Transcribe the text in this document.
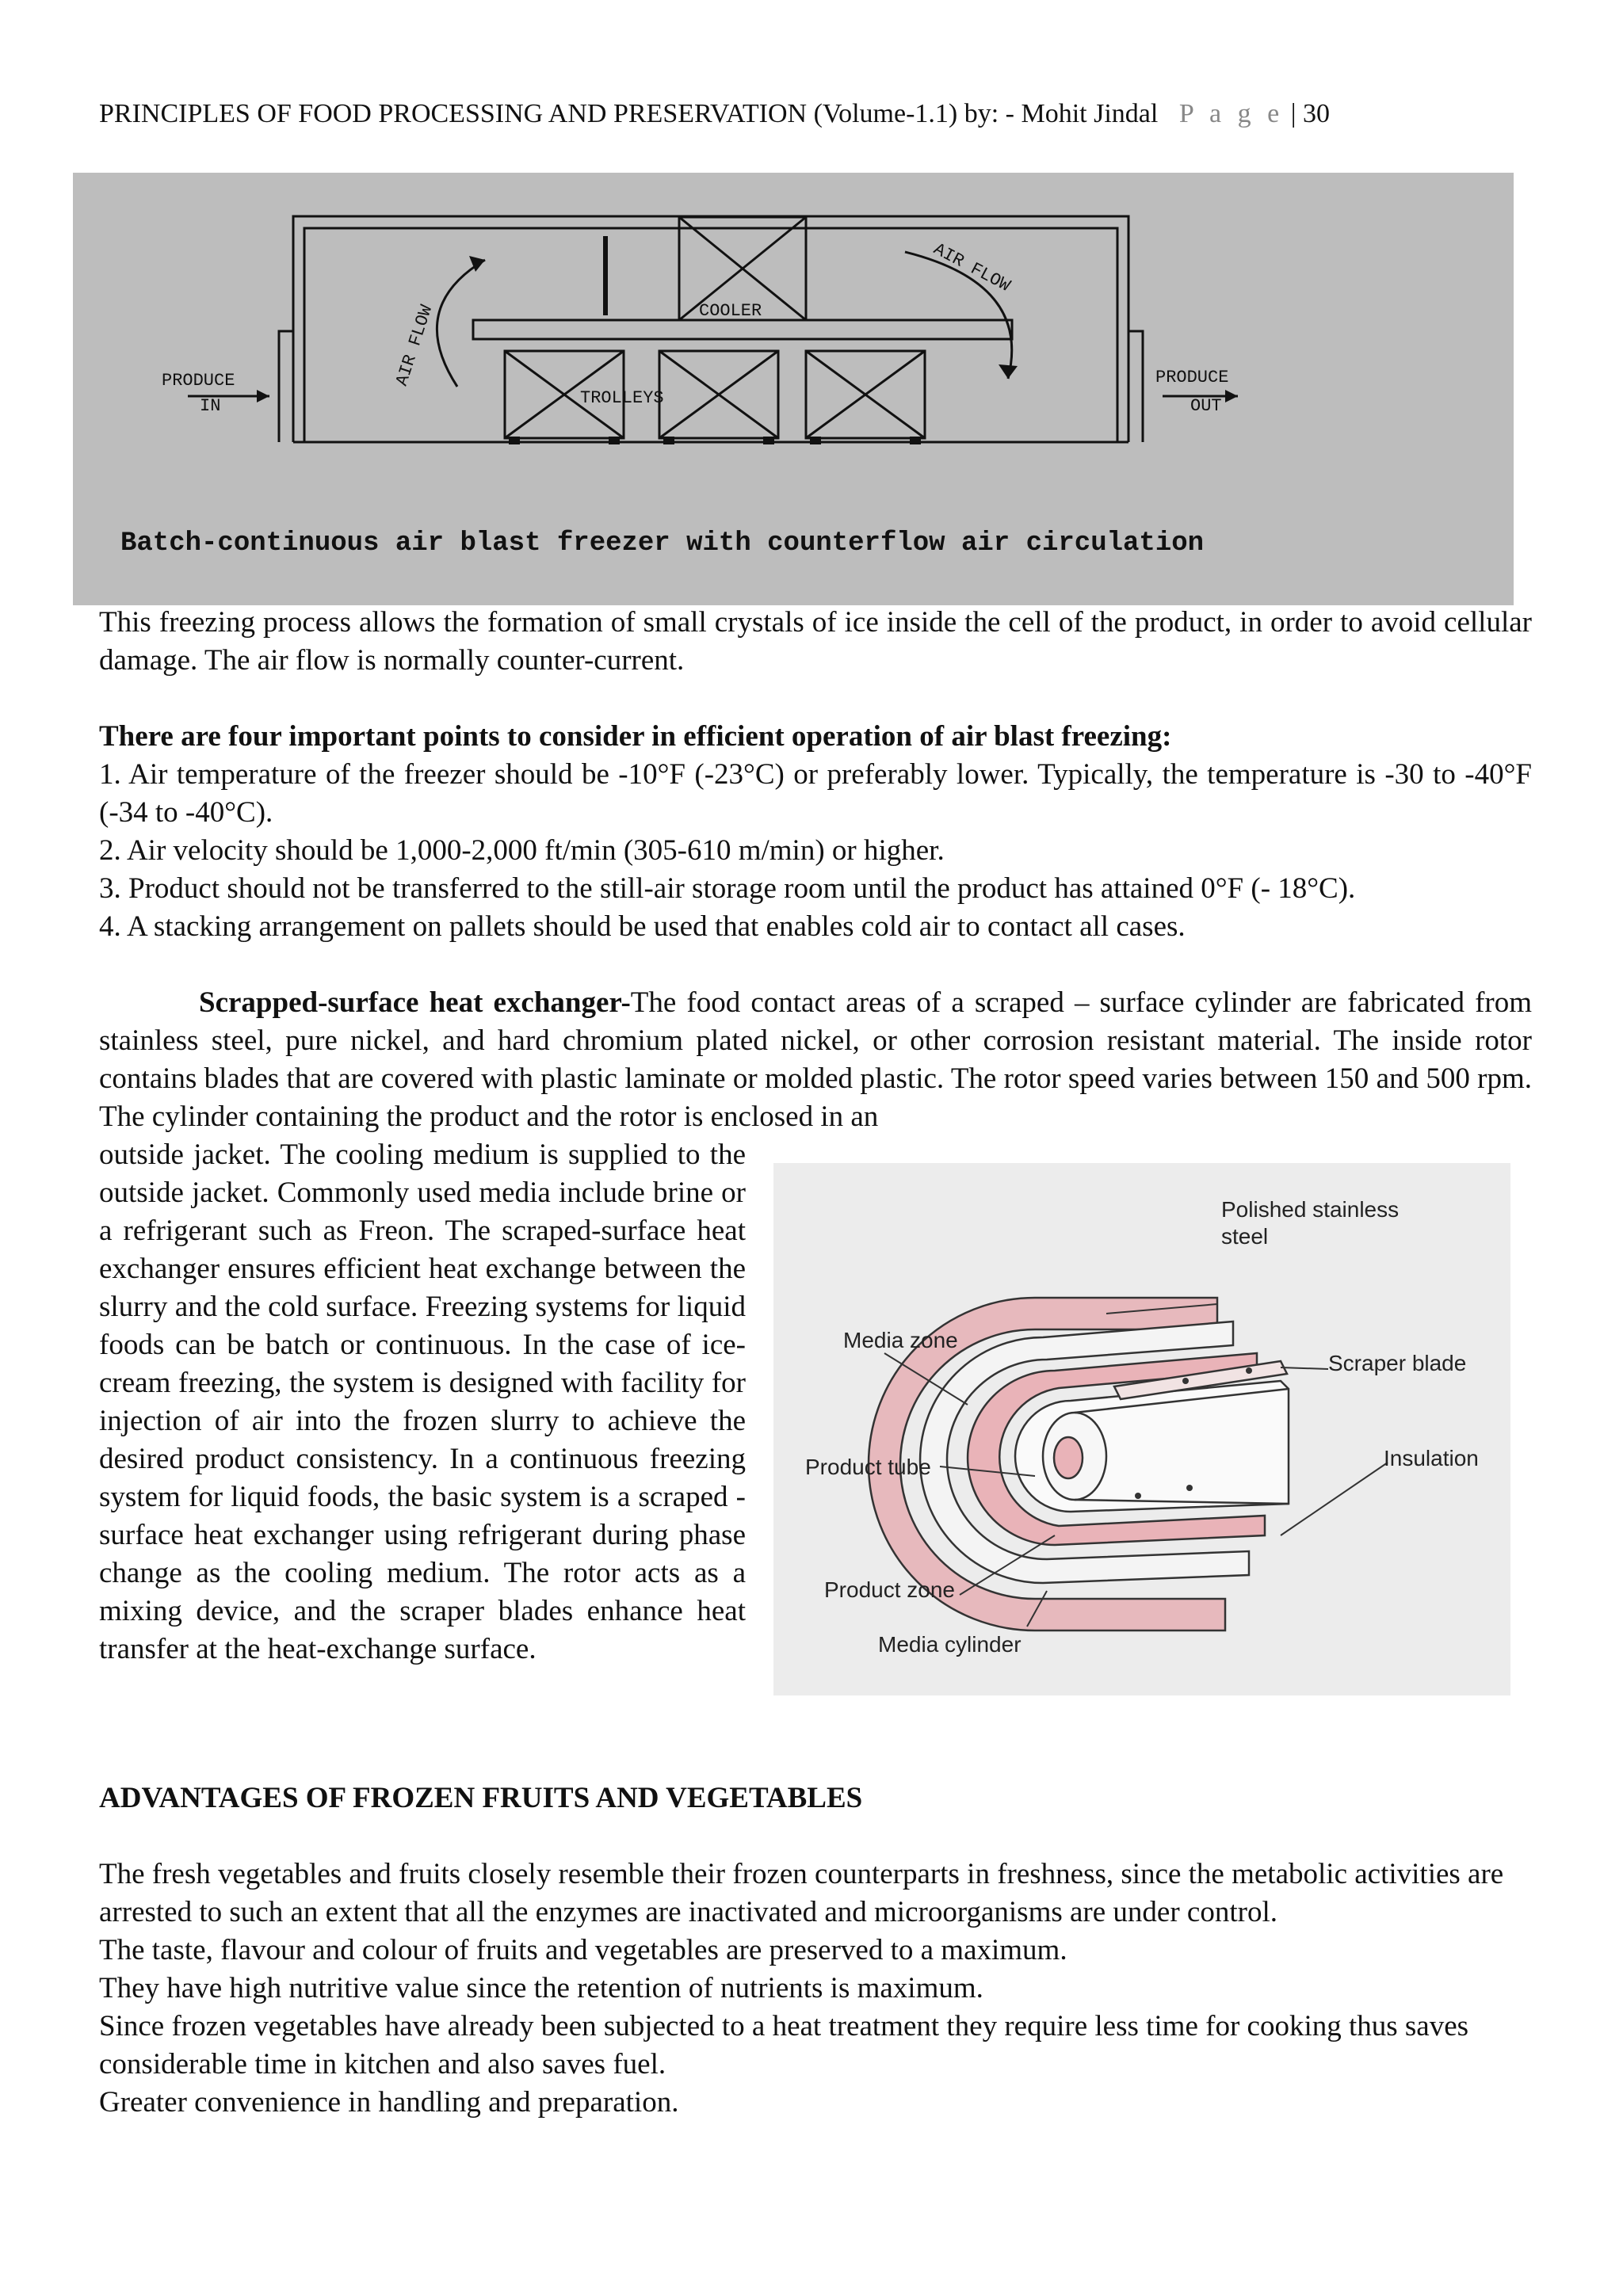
PRINCIPLES OF FOOD PROCESSING AND PRESERVATION (Volume-1.1) by: - Mohit Jindal P a g e | 30
PRODUCE
IN
PRODUCE
OUT
COOLER
TROLLEYS
AIR FLOW
AIR FLOW
Batch-continuous air blast freezer with counterflow air circulation

This freezing process allows the formation of small crystals of ice inside the cell of the product, in order to avoid cellular damage. The air flow is normally counter-current.

There are four important points to consider in efficient operation of air blast freezing:

1. Air temperature of the freezer should be -10°F (-23°C) or preferably lower. Typically, the temperature is -30 to -40°F (-34 to -40°C).

2. Air velocity should be 1,000-2,000 ft/min (305-610 m/min) or higher.

3. Product should not be transferred to the still-air storage room until the product has attained 0°F (- 18°C).

4. A stacking arrangement on pallets should be used that enables cold air to contact all cases.

Scrapped-surface heat exchanger-The food contact areas of a scraped – surface cylinder are fabricated from stainless steel, pure nickel, and hard chromium plated nickel, or other corrosion resistant material. The inside rotor contains blades that are covered with plastic laminate or molded plastic. The rotor speed varies between 150 and 500 rpm. The cylinder containing the product and the rotor is enclosed in an

outside jacket. The cooling medium is supplied to the outside jacket. Commonly used media include brine or a refrigerant such as Freon. The scraped-surface heat exchanger ensures efficient heat exchange between the slurry and the cold surface. Freezing systems for liquid foods can be batch or continuous. In the case of ice-cream freezing, the system is designed with facility for injection of air into the frozen slurry to achieve the desired product consistency. In a continuous freezing system for liquid foods, the basic system is a scraped -surface heat exchanger using refrigerant during phase change as the cooling medium. The rotor acts as a mixing device, and the scraper blades enhance heat transfer at the heat-exchange surface.

Polished stainless
steel
Media zone
Scraper blade
Insulation
Product tube
Product zone
Media cylinder

ADVANTAGES OF FROZEN FRUITS AND VEGETABLES

The fresh vegetables and fruits closely resemble their frozen counterparts in freshness, since the metabolic activities are arrested to such an extent that all the enzymes are inactivated and microorganisms are under control.

The taste, flavour and colour of fruits and vegetables are preserved to a maximum.

They have high nutritive value since the retention of nutrients is maximum.

Since frozen vegetables have already been subjected to a heat treatment they require less time for cooking thus saves considerable time in kitchen and also saves fuel.

Greater convenience in handling and preparation.
